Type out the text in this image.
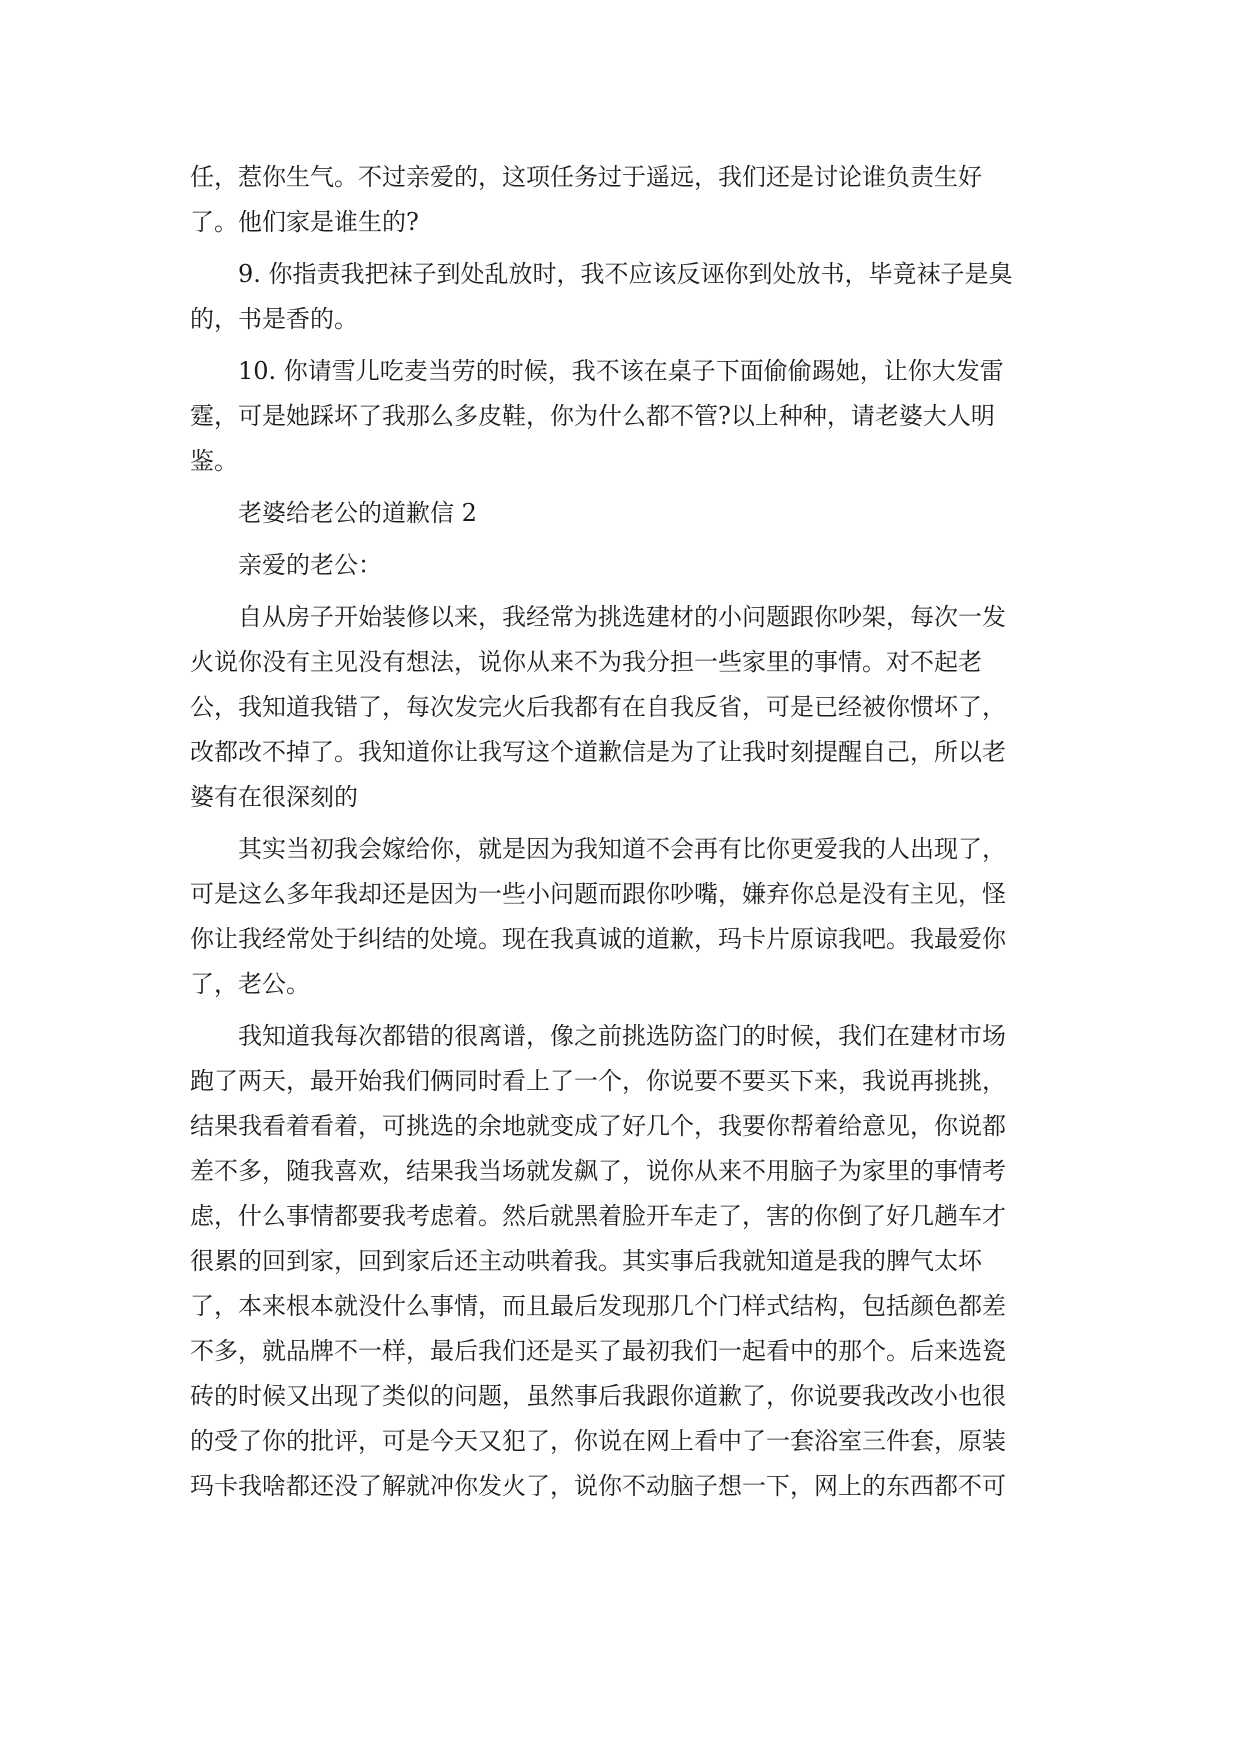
任，惹你生气。不过亲爱的，这项任务过于遥远，我们还是讨论谁负责生好
了。他们家是谁生的?
9. 你指责我把袜子到处乱放时，我不应该反诬你到处放书，毕竟袜子是臭
的，书是香的。
10. 你请雪儿吃麦当劳的时候，我不该在桌子下面偷偷踢她，让你大发雷
霆，可是她踩坏了我那么多皮鞋，你为什么都不管?以上种种，请老婆大人明
鉴。
老婆给老公的道歉信 2
亲爱的老公：
自从房子开始装修以来，我经常为挑选建材的小问题跟你吵架，每次一发
火说你没有主见没有想法，说你从来不为我分担一些家里的事情。对不起老
公，我知道我错了，每次发完火后我都有在自我反省，可是已经被你惯坏了，
改都改不掉了。我知道你让我写这个道歉信是为了让我时刻提醒自己，所以老
婆有在很深刻的
其实当初我会嫁给你，就是因为我知道不会再有比你更爱我的人出现了，
可是这么多年我却还是因为一些小问题而跟你吵嘴，嫌弃你总是没有主见，怪
你让我经常处于纠结的处境。现在我真诚的道歉，玛卡片原谅我吧。我最爱你
了，老公。
我知道我每次都错的很离谱，像之前挑选防盗门的时候，我们在建材市场
跑了两天，最开始我们俩同时看上了一个，你说要不要买下来，我说再挑挑，
结果我看着看着，可挑选的余地就变成了好几个，我要你帮着给意见，你说都
差不多，随我喜欢，结果我当场就发飙了，说你从来不用脑子为家里的事情考
虑，什么事情都要我考虑着。然后就黑着脸开车走了，害的你倒了好几趟车才
很累的回到家，回到家后还主动哄着我。其实事后我就知道是我的脾气太坏
了，本来根本就没什么事情，而且最后发现那几个门样式结构，包括颜色都差
不多，就品牌不一样，最后我们还是买了最初我们一起看中的那个。后来选瓷
砖的时候又出现了类似的问题，虽然事后我跟你道歉了，你说要我改改小也很
的受了你的批评，可是今天又犯了，你说在网上看中了一套浴室三件套，原装
玛卡我啥都还没了解就冲你发火了，说你不动脑子想一下，网上的东西都不可
